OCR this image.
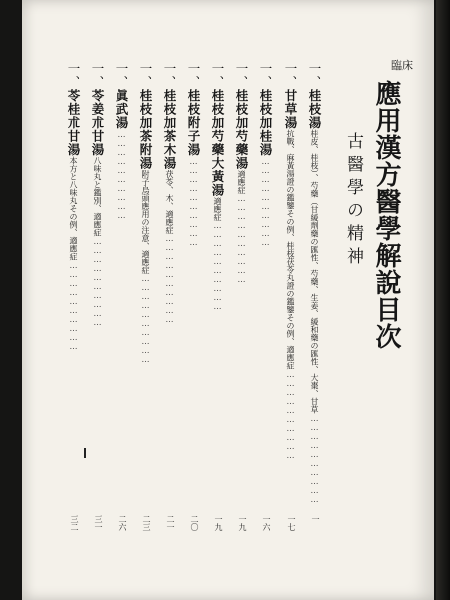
臨床
應用漢方醫學解說目次
古醫學の精神
一、桂枝湯桂皮、桂枝）、芍藥（甘緩劑藥の匯性、芍藥、生姜、緩和藥の匯性、大棗、甘草…………………………
一
一、甘草湯抗戰、麻黃湯證の鑑鑒その例、桂枝茯苓丸證の鑑鑒その例、適應症…………………………
一七
一、桂枝加桂湯…………………………
一六
一、桂枝加芍藥湯適應症…………………………
一九
一、桂枝加芍藥大黃湯適應症…………………………
一九
一、桂枝附子湯…………………………
二〇
一、桂枝加茶木湯茯苓、木、適應症…………………………
二一
一、桂枝加茶附湯附子烏頭應用の注意、適應症…………………………
二三
一、眞武湯…………………………
二六
一、苓姜朮甘湯八味丸と鑑別、適應症…………………………
三一
一、苓桂朮甘湯本方と八味丸その例、適應症…………………………
三二
